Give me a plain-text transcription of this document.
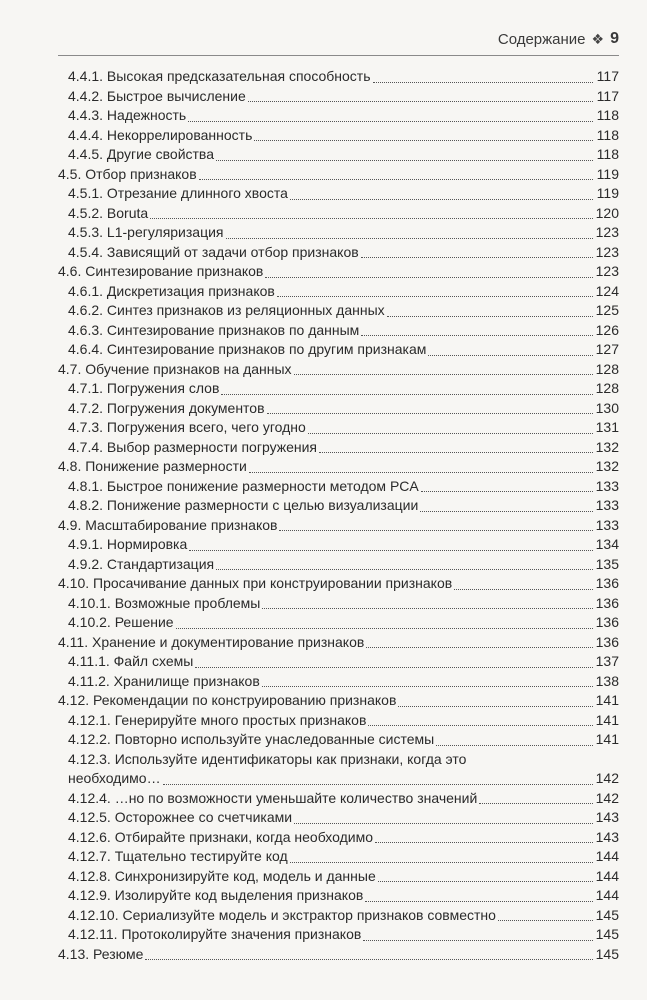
Содержание ❖ 9
4.4.1. Высокая предсказательная способность	117
4.4.2. Быстрое вычисление	117
4.4.3. Надежность	118
4.4.4. Некоррелированность	118
4.4.5. Другие свойства	118
4.5. Отбор признаков	119
4.5.1. Отрезание длинного хвоста	119
4.5.2. Boruta	120
4.5.3. L1-регуляризация	123
4.5.4. Зависящий от задачи отбор признаков	123
4.6. Синтезирование признаков	123
4.6.1. Дискретизация признаков	124
4.6.2. Синтез признаков из реляционных данных	125
4.6.3. Синтезирование признаков по данным	126
4.6.4. Синтезирование признаков по другим признакам	127
4.7. Обучение признаков на данных	128
4.7.1. Погружения слов	128
4.7.2. Погружения документов	130
4.7.3. Погружения всего, чего угодно	131
4.7.4. Выбор размерности погружения	132
4.8. Понижение размерности	132
4.8.1. Быстрое понижение размерности методом PCA	133
4.8.2. Понижение размерности с целью визуализации	133
4.9. Масштабирование признаков	133
4.9.1. Нормировка	134
4.9.2. Стандартизация	135
4.10. Просачивание данных при конструировании признаков	136
4.10.1. Возможные проблемы	136
4.10.2. Решение	136
4.11. Хранение и документирование признаков	136
4.11.1. Файл схемы	137
4.11.2. Хранилище признаков	138
4.12. Рекомендации по конструированию признаков	141
4.12.1. Генерируйте много простых признаков	141
4.12.2. Повторно используйте унаследованные системы	141
4.12.3. Используйте идентификаторы как признаки, когда это
необходимо…	142
4.12.4. …но по возможности уменьшайте количество значений	142
4.12.5. Осторожнее со счетчиками	143
4.12.6. Отбирайте признаки, когда необходимо	143
4.12.7. Тщательно тестируйте код	144
4.12.8. Синхронизируйте код, модель и данные	144
4.12.9. Изолируйте код выделения признаков	144
4.12.10. Сериализуйте модель и экстрактор признаков совместно	145
4.12.11. Протоколируйте значения признаков	145
4.13. Резюме	145
